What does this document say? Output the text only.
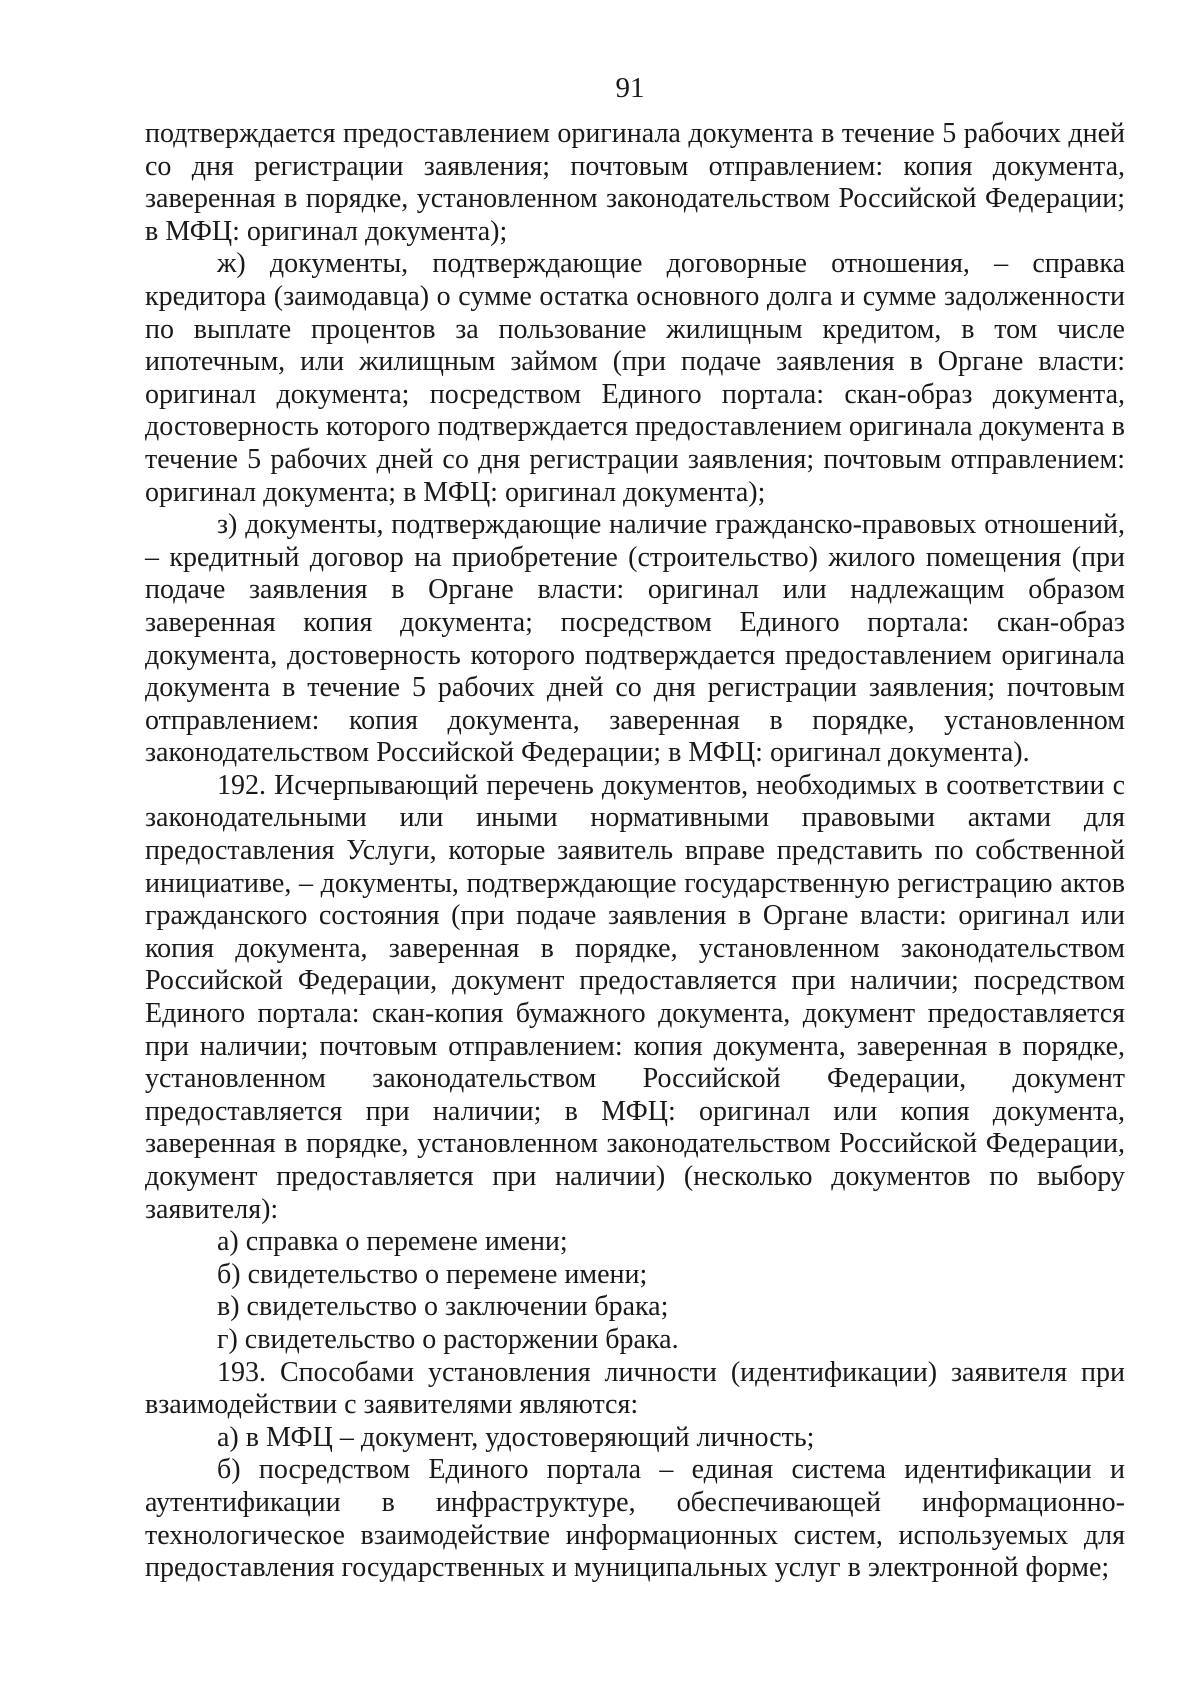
91

подтверждается предоставлением оригинала документа в течение 5 рабочих дней со дня регистрации заявления; почтовым отправлением: копия документа, заверенная в порядке, установленном законодательством Российской Федерации; в МФЦ: оригинал документа);

ж) документы, подтверждающие договорные отношения, – справка кредитора (заимодавца) о сумме остатка основного долга и сумме задолженности по выплате процентов за пользование жилищным кредитом, в том числе ипотечным, или жилищным займом (при подаче заявления в Органе власти: оригинал документа; посредством Единого портала: скан-образ документа, достоверность которого подтверждается предоставлением оригинала документа в течение 5 рабочих дней со дня регистрации заявления; почтовым отправлением: оригинал документа; в МФЦ: оригинал документа);

з) документы, подтверждающие наличие гражданско-правовых отношений, – кредитный договор на приобретение (строительство) жилого помещения (при подаче заявления в Органе власти: оригинал или надлежащим образом заверенная копия документа; посредством Единого портала: скан-образ документа, достоверность которого подтверждается предоставлением оригинала документа в течение 5 рабочих дней со дня регистрации заявления; почтовым отправлением: копия документа, заверенная в порядке, установленном законодательством Российской Федерации; в МФЦ: оригинал документа).

192. Исчерпывающий перечень документов, необходимых в соответствии с законодательными или иными нормативными правовыми актами для предоставления Услуги, которые заявитель вправе представить по собственной инициативе, – документы, подтверждающие государственную регистрацию актов гражданского состояния (при подаче заявления в Органе власти: оригинал или копия документа, заверенная в порядке, установленном законодательством Российской Федерации, документ предоставляется при наличии; посредством Единого портала: скан-копия бумажного документа, документ предоставляется при наличии; почтовым отправлением: копия документа, заверенная в порядке, установленном законодательством Российской Федерации, документ предоставляется при наличии; в МФЦ: оригинал или копия документа, заверенная в порядке, установленном законодательством Российской Федерации, документ предоставляется при наличии) (несколько документов по выбору заявителя):

а) справка о перемене имени;

б) свидетельство о перемене имени;

в) свидетельство о заключении брака;

г) свидетельство о расторжении брака.

193. Способами установления личности (идентификации) заявителя при взаимодействии с заявителями являются:

а) в МФЦ – документ, удостоверяющий личность;

б) посредством Единого портала – единая система идентификации и аутентификации в инфраструктуре, обеспечивающей информационно-технологическое взаимодействие информационных систем, используемых для предоставления государственных и муниципальных услуг в электронной форме;
